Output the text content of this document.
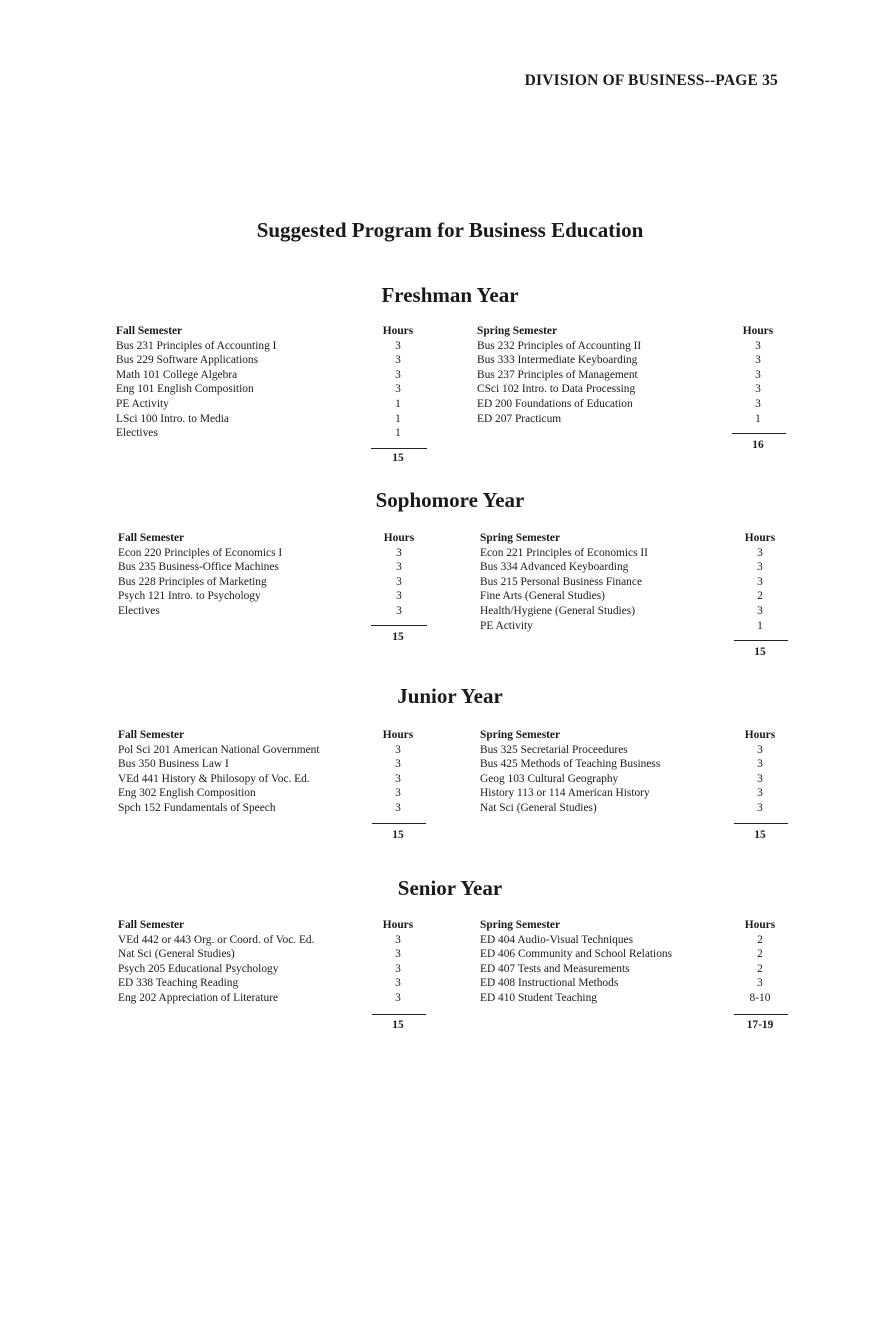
DIVISION OF BUSINESS--PAGE 35
Suggested Program for Business Education
Freshman Year
Fall Semester
Bus 231 Principles of Accounting I
Bus 229 Software Applications
Math 101 College Algebra
Eng 101 English Composition
PE Activity
LSci 100 Intro. to Media
Electives
Hours
3
3
3
3
1
1
1
15
Spring Semester
Bus 232 Principles of Accounting II
Bus 333 Intermediate Keyboarding
Bus 237 Principles of Management
CSci 102 Intro. to Data Processing
ED 200 Foundations of Education
ED 207 Practicum
Hours
3
3
3
3
3
1
16
Sophomore Year
Fall Semester
Econ 220 Principles of Economics I
Bus 235 Business-Office Machines
Bus 228 Principles of Marketing
Psych 121 Intro. to Psychology
Electives
Hours
3
3
3
3
3
15
Spring Semester
Econ 221 Principles of Economics II
Bus 334 Advanced Keyboarding
Bus 215 Personal Business Finance
Fine Arts (General Studies)
Health/Hygiene (General Studies)
PE Activity
Hours
3
3
3
2
3
1
15
Junior Year
Fall Semester
Pol Sci 201 American National Government
Bus 350 Business Law I
VEd 441 History & Philosopy of Voc. Ed.
Eng 302 English Composition
Spch 152 Fundamentals of Speech
Hours
3
3
3
3
3
15
Spring Semester
Bus 325 Secretarial Proceedures
Bus 425 Methods of Teaching Business
Geog 103 Cultural Geography
History 113 or 114 American History
Nat Sci (General Studies)
Hours
3
3
3
3
3
15
Senior Year
Fall Semester
VEd 442 or 443 Org. or Coord. of Voc. Ed.
Nat Sci (General Studies)
Psych 205 Educational Psychology
ED 338 Teaching Reading
Eng 202 Appreciation of Literature
Hours
3
3
3
3
3
15
Spring Semester
ED 404 Audio-Visual Techniques
ED 406 Community and School Relations
ED 407 Tests and Measurements
ED 408 Instructional Methods
ED 410 Student Teaching
Hours
2
2
2
3
8-10
17-19
